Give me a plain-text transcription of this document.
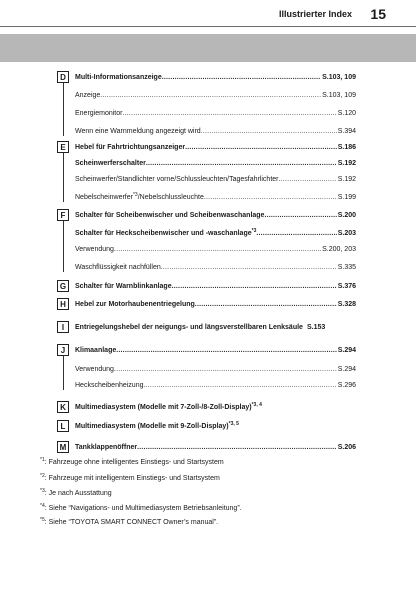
Illustrierter Index 15
D	Multi-Informationsanzeige .....	S.103, 109
Anzeige .....	S.103, 109
Energiemonitor .....	S.120
Wenn eine Warnmeldung angezeigt wird .....	S.394
E	Hebel für Fahrtrichtungsanzeiger .....	S.186
Scheinwerferschalter .....	S.192
Scheinwerfer/Standlichter vorne/Schlussleuchten/Tagesfahrlichter .....	S.192
Nebelscheinwerfer$^{*3}$/Nebelschlussleuchte .....	S.199
F	Schalter für Scheibenwischer und Scheibenwaschanlage .....	S.200
Schalter für Heckscheibenwischer und -waschanlage$^{*3}$ .....	S.203
Verwendung .....	S.200, 203
Waschflüssigkeit nachfüllen .....	S.335
G	Schalter für Warnblinkanlage .....	S.376
H	Hebel zur Motorhaubenentriegelung .....	S.328
I	Entriegelungshebel der neigungs- und längsverstellbaren Lenksäule S.153
J	Klimaanlage .....	S.294
Verwendung .....	S.294
Heckscheibenheizung .....	S.296
K	Multimediasystem (Modelle mit 7-Zoll-/8-Zoll-Display)$^{*3, 4}$
L	Multimediasystem (Modelle mit 9-Zoll-Display)$^{*3, 5}$
M	Tankklappenöffner .....	S.206
$^{*1}$: Fahrzeuge ohne intelligentes Einstiegs- und Startsystem
$^{*2}$: Fahrzeuge mit intelligentem Einstiegs- und Startsystem
$^{*3}$: Je nach Ausstattung
$^{*4}$: Siehe “Navigations- und Multimediasystem Betriebsanleitung”.
$^{*5}$: Siehe “TOYOTA SMART CONNECT Owner’s manual”.
